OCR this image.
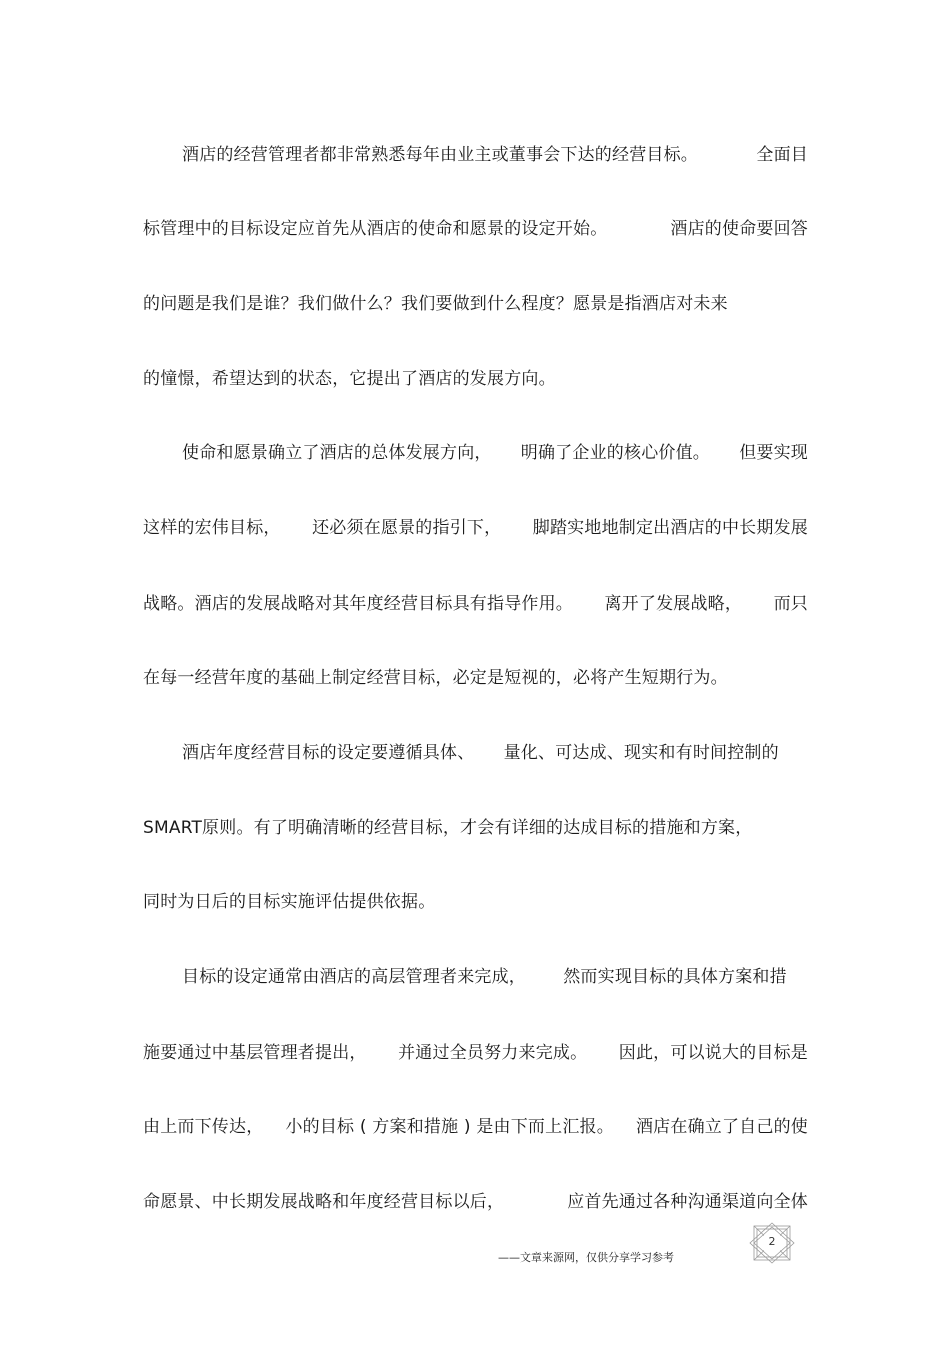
酒店的经营管理者都非常熟悉每年由业主或董事会下达的经营目标。	全面目
标管理中的目标设定应首先从酒店的使命和愿景的设定开始。	酒店的使命要回答
的问题是我们是谁？我们做什么？我们要做到什么程度？愿景是指酒店对未来
的憧憬，希望达到的状态，它提出了酒店的发展方向。
使命和愿景确立了酒店的总体发展方向， 明确了企业的核心价值。 但要实现
这样的宏伟目标， 还必须在愿景的指引下， 脚踏实地地制定出酒店的中长期发展
战略。酒店的发展战略对其年度经营目标具有指导作用。 离开了发展战略， 而只
在每一经营年度的基础上制定经营目标，必定是短视的，必将产生短期行为。
酒店年度经营目标的设定要遵循具体、 量化、可达成、现实和有时间控制的
SMART原则。有了明确清晰的经营目标，才会有详细的达成目标的措施和方案，
同时为日后的目标实施评估提供依据。
目标的设定通常由酒店的高层管理者来完成， 然而实现目标的具体方案和措
施要通过中基层管理者提出， 并通过全员努力来完成。 因此，可以说大的目标是
由上而下传达， 小的目标 ( 方案和措施 ) 是由下而上汇报。 酒店在确立了自己的使
命愿景、中长期发展战略和年度经营目标以后，	应首先通过各种沟通渠道向全体
——文章来源网，仅供分享学习参考
2
